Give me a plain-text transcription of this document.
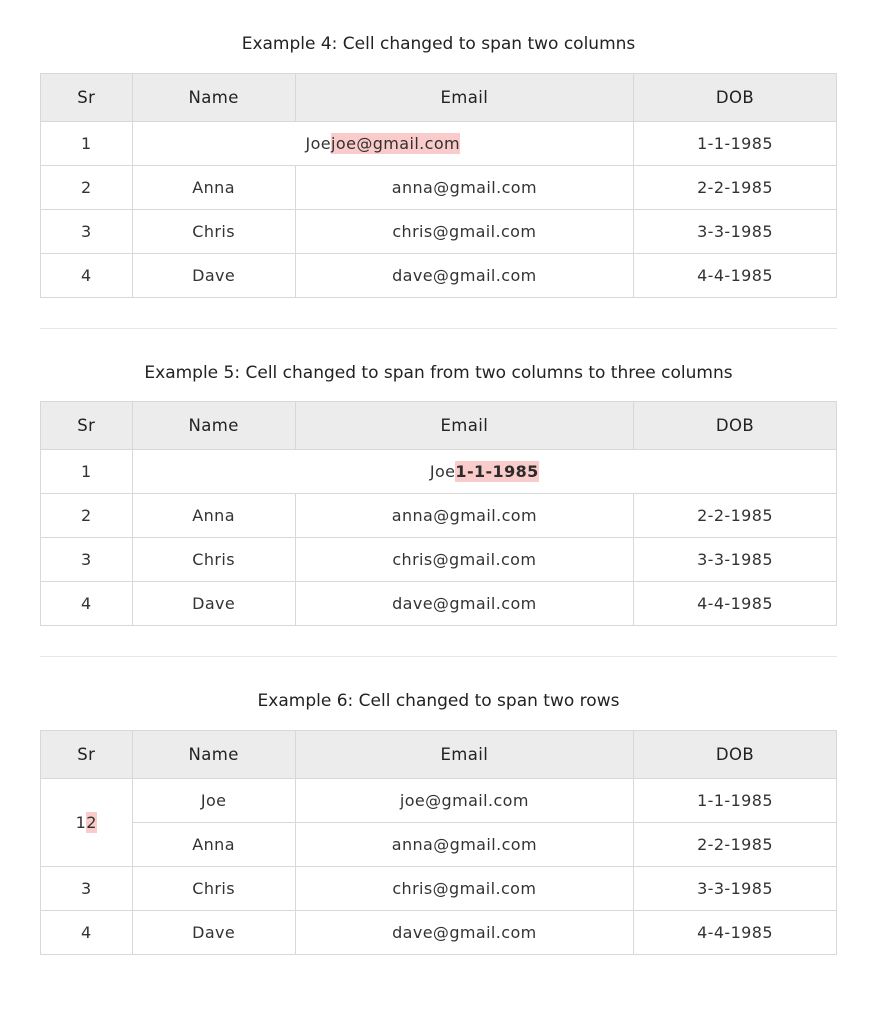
Example 4: Cell changed to span two columns
Sr	Name	Email	DOB
1	Joejoe@gmail.com		1-1-1985
2	Anna	anna@gmail.com	2-2-1985
3	Chris	chris@gmail.com	3-3-1985
4	Dave	dave@gmail.com	4-4-1985
Example 5: Cell changed to span from two columns to three columns
Sr	Name	Email	DOB
1	Joe1-1-1985		
2	Anna	anna@gmail.com	2-2-1985
3	Chris	chris@gmail.com	3-3-1985
4	Dave	dave@gmail.com	4-4-1985
Example 6: Cell changed to span two rows
Sr	Name	Email	DOB
12	Joe	joe@gmail.com	1-1-1985
	Anna	anna@gmail.com	2-2-1985
3	Chris	chris@gmail.com	3-3-1985
4	Dave	dave@gmail.com	4-4-1985
